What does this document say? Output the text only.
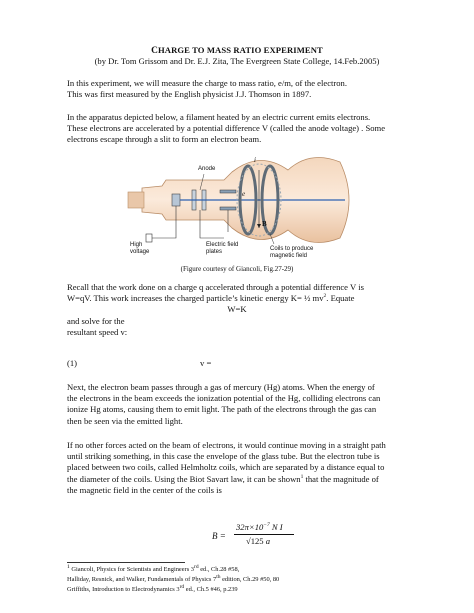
CHARGE TO MASS RATIO EXPERIMENT
(by Dr. Tom Grissom and Dr. E.J. Zita, The Evergreen State College, 14.Feb.2005)
In this experiment, we will measure the charge to mass ratio, e/m, of the electron.
This was first measured by the English physicist J.J. Thomson in 1897.
In the apparatus depicted below, a filament heated by an electric current emits electrons.
These electrons are accelerated by a potential difference V (called the anode voltage) . Some
electrons escape through a slit to form an electron beam.
Anode
High
voltage
Electric field
plates	Coils to produce
magnetic field
i
e
B
(Figure courtesy of Giancoli, Fig.27-29)
Recall that the work done on a charge q accelerated through a potential difference V is
W=qV. This work increases the charged particle’s kinetic energy K= ½ $mv^2$. Equate
W=K
and solve for the
resultant speed v:
(1)	v =
Next, the electron beam passes through a gas of mercury (Hg) atoms. When the energy of
the electrons in the beam exceeds the ionization potential of the Hg, colliding electrons can
ionize Hg atoms, causing them to emit light. The path of the electrons through the gas can
then be seen via the emitted light.
If no other forces acted on the beam of electrons, it would continue moving in a straight path
until striking something, in this case the envelope of the glass tube. But the electron tube is
placed between two coils, called Helmholtz coils, which are separated by a distance equal to
the diameter of the coils. Using the Biot Savart law, it can be shown$^1$ that the magnitude of
the magnetic field in the center of the coils is
B =
$32\pi\times 10^{-7}$ N I
√125 a
$^1$ Giancoli, Physics for Scientists and Engineers 3rd ed., Ch.28 #58,
Halliday, Resnick, and Walker, Fundamentals of Physics 7th edition, Ch.29 #50, 80
Griffiths, Introduction to Electrodynamics 3rd ed., Ch.5 #46, p.239
